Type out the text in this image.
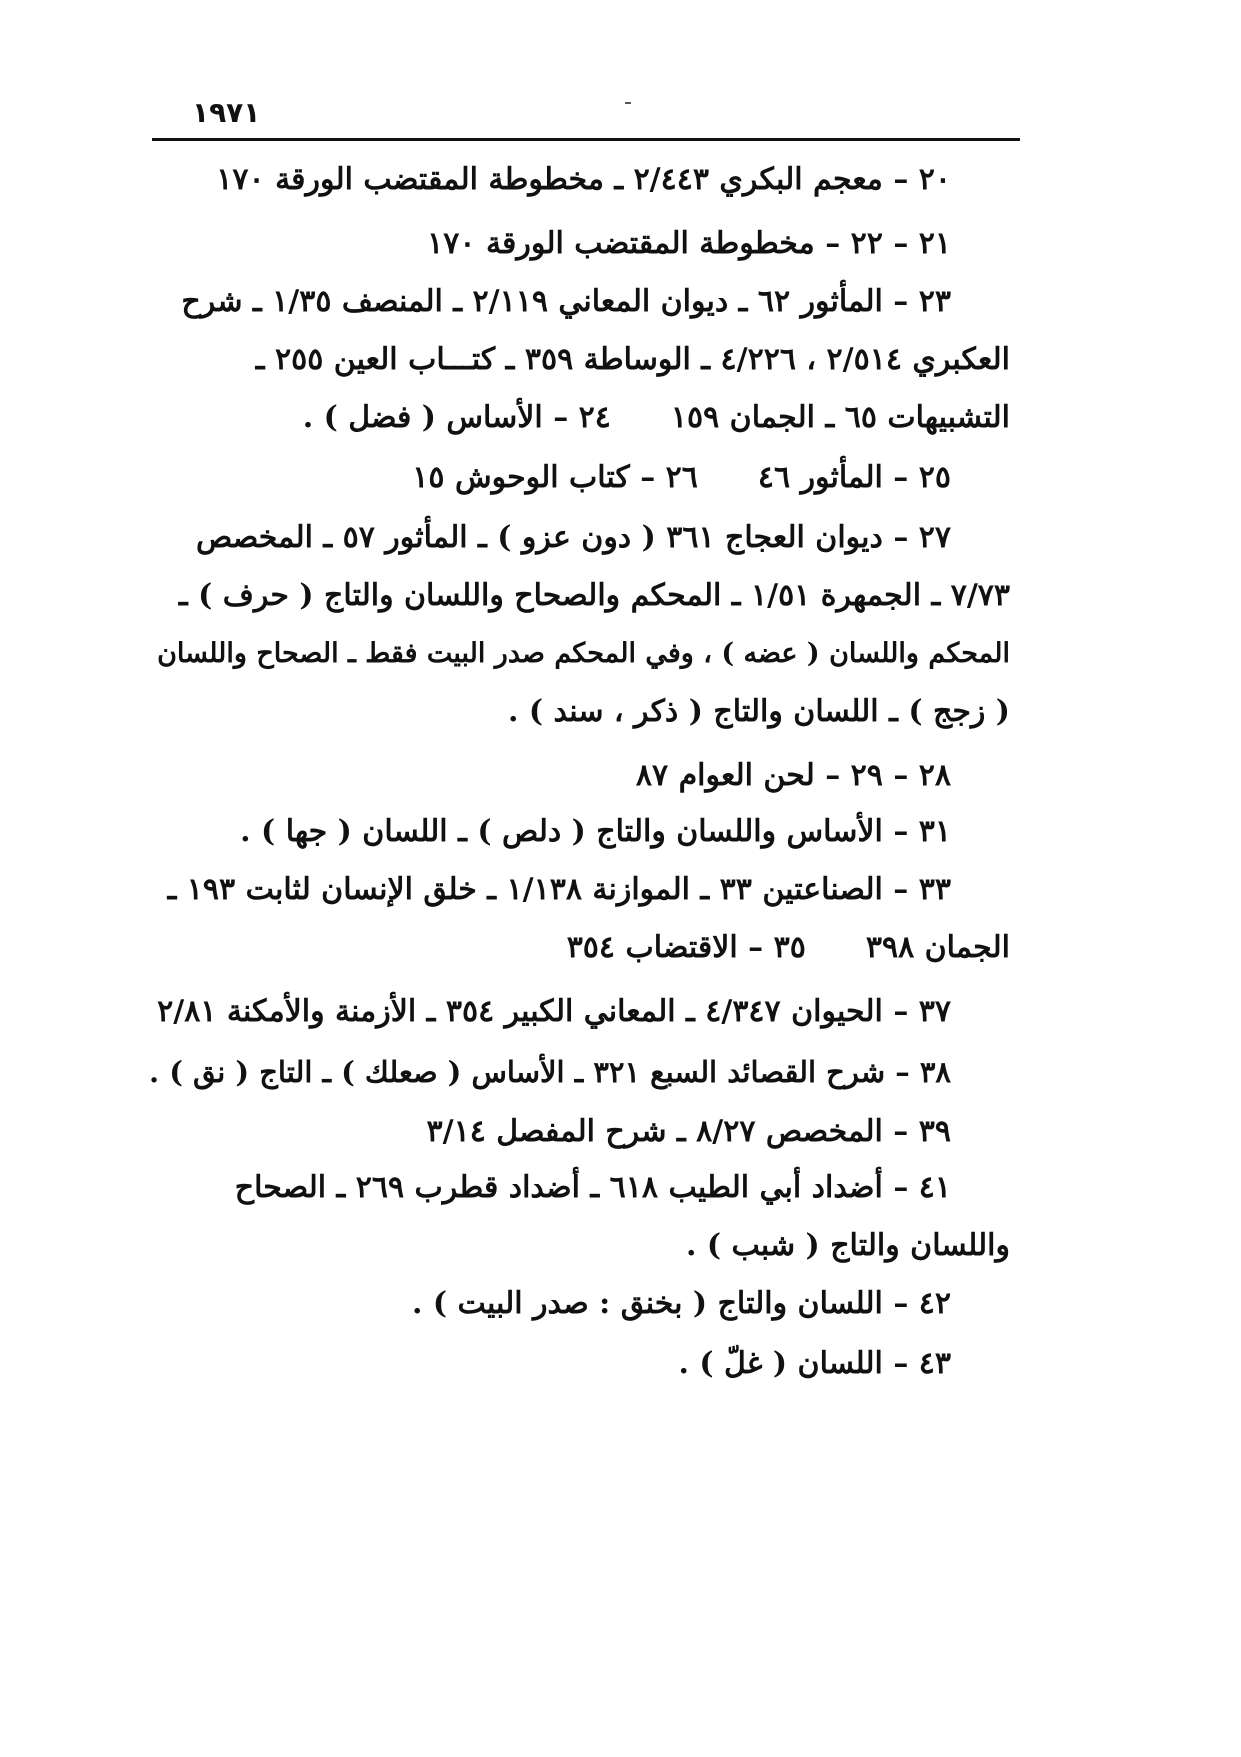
١٩٧١
٢٠ – معجم البكري ٢/٤٤٣ ـ مخطوطة المقتضب الورقة ١٧٠
٢١ – ٢٢ – مخطوطة المقتضب الورقة ١٧٠
٢٣ – المأثور ٦٢ ـ ديوان المعاني ٢/١١٩ ـ المنصف ١/٣٥ ـ شرح
العكبري ٢/٥١٤ ، ٤/٢٢٦ ـ الوساطة ٣٥٩ ـ كتـــاب العين ٢٥٥ ـ
التشبيهات ٦٥ ـ الجمان ١٥٩٢٤ – الأساس ( فضل ) .
٢٥ – المأثور ٤٦٢٦ – كتاب الوحوش ١٥
٢٧ – ديوان العجاج ٣٦١ ( دون عزو ) ـ المأثور ٥٧ ـ المخصص
٧/٧٣ ـ الجمهرة ١/٥١ ـ المحكم والصحاح واللسان والتاج ( حرف ) ـ
المحكم واللسان ( عضه ) ، وفي المحكم صدر البيت فقط ـ الصحاح واللسان
( زجج ) ـ اللسان والتاج ( ذكر ، سند ) .
٢٨ – ٢٩ – لحن العوام ٨٧
٣١ – الأساس واللسان والتاج ( دلص ) ـ اللسان ( جها ) .
٣٣ – الصناعتين ٣٣ ـ الموازنة ١/١٣٨ ـ خلق الإنسان لثابت ١٩٣ ـ
الجمان ٣٩٨٣٥ – الاقتضاب ٣٥٤
٣٧ – الحيوان ٤/٣٤٧ ـ المعاني الكبير ٣٥٤ ـ الأزمنة والأمكنة ٢/٨١
٣٨ – شرح القصائد السبع ٣٢١ ـ الأساس ( صعلك ) ـ التاج ( نق ) .
٣٩ – المخصص ٨/٢٧ ـ شرح المفصل ٣/١٤
٤١ – أضداد أبي الطيب ٦١٨ ـ أضداد قطرب ٢٦٩ ـ الصحاح
واللسان والتاج ( شبب ) .
٤٢ – اللسان والتاج ( بخنق : صدر البيت ) .
٤٣ – اللسان ( غلّ ) .
